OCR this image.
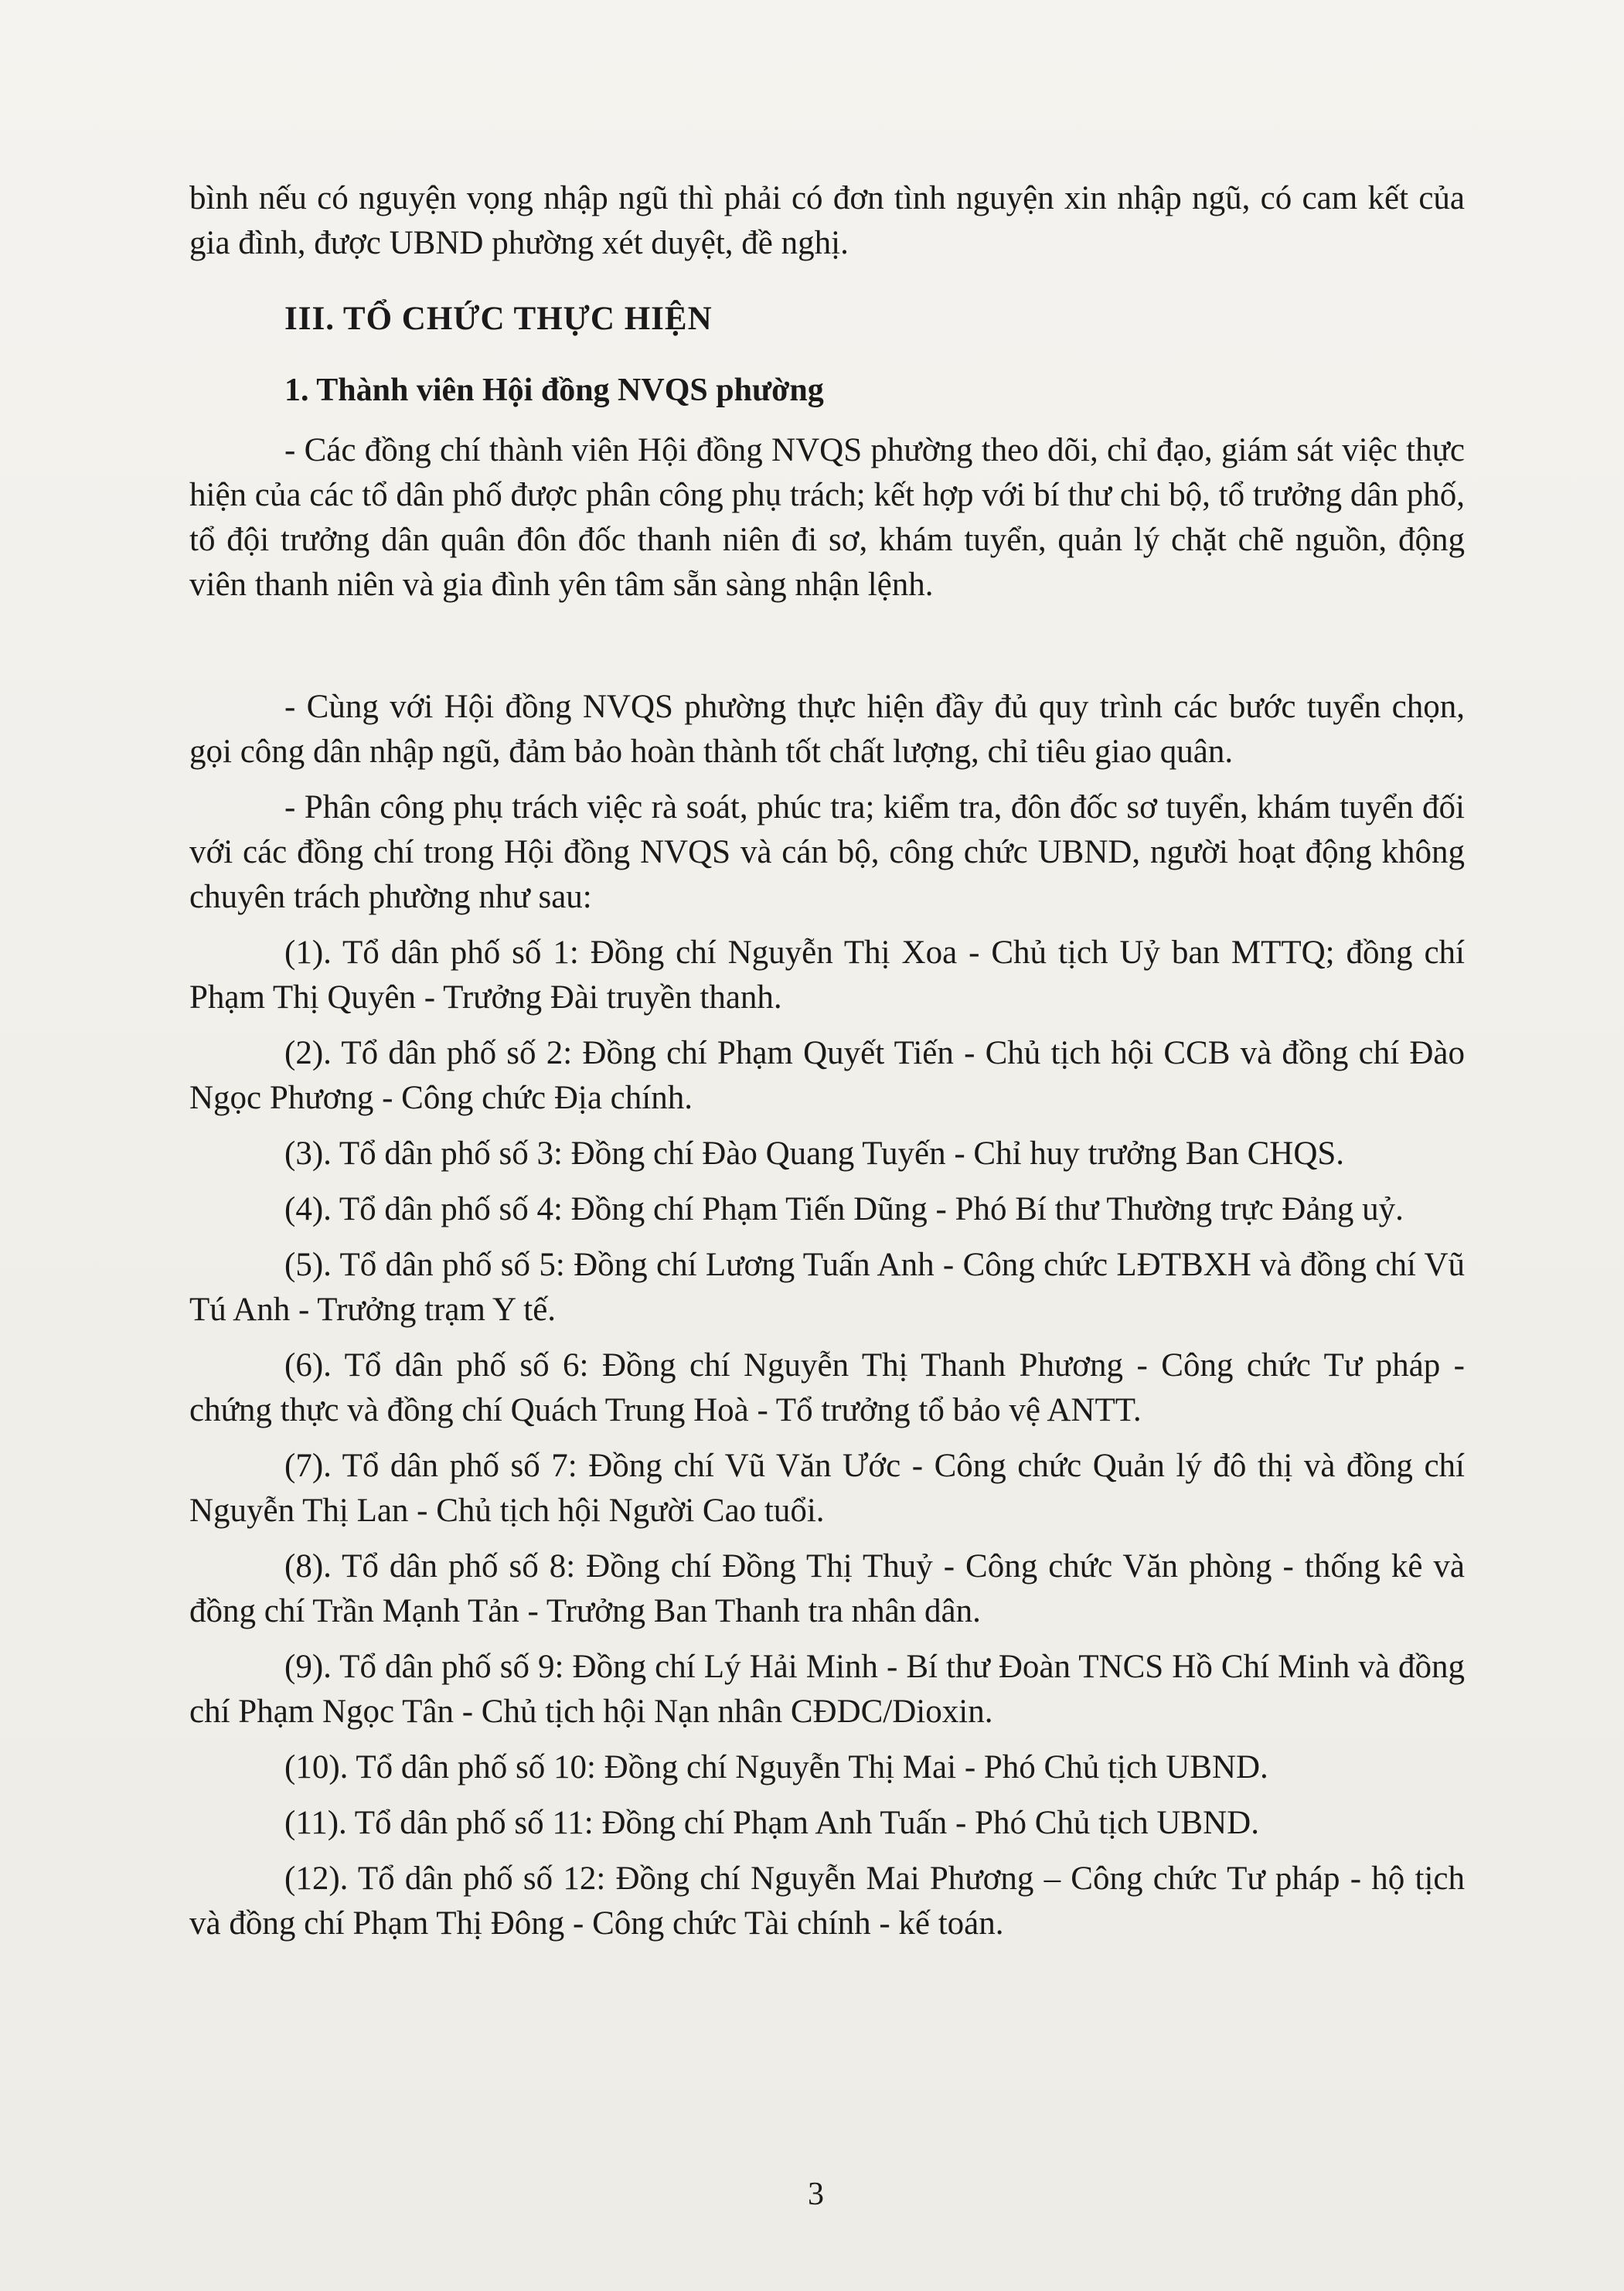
bình nếu có nguyện vọng nhập ngũ thì phải có đơn tình nguyện xin nhập ngũ, có cam kết của gia đình, được UBND phường xét duyệt, đề nghị.

III. TỔ CHỨC THỰC HIỆN

1. Thành viên Hội đồng NVQS phường

- Các đồng chí thành viên Hội đồng NVQS phường theo dõi, chỉ đạo, giám sát việc thực hiện của các tổ dân phố được phân công phụ trách; kết hợp với bí thư chi bộ, tổ trưởng dân phố, tổ đội trưởng dân quân đôn đốc thanh niên đi sơ, khám tuyển, quản lý chặt chẽ nguồn, động viên thanh niên và gia đình yên tâm sẵn sàng nhận lệnh.

- Cùng với Hội đồng NVQS phường thực hiện đầy đủ quy trình các bước tuyển chọn, gọi công dân nhập ngũ, đảm bảo hoàn thành tốt chất lượng, chỉ tiêu giao quân.

- Phân công phụ trách việc rà soát, phúc tra; kiểm tra, đôn đốc sơ tuyển, khám tuyển đối với các đồng chí trong Hội đồng NVQS và cán bộ, công chức UBND, người hoạt động không chuyên trách phường như sau:

(1). Tổ dân phố số 1: Đồng chí Nguyễn Thị Xoa - Chủ tịch Uỷ ban MTTQ; đồng chí Phạm Thị Quyên - Trưởng Đài truyền thanh.

(2). Tổ dân phố số 2: Đồng chí Phạm Quyết Tiến - Chủ tịch hội CCB và đồng chí Đào Ngọc Phương - Công chức Địa chính.

(3). Tổ dân phố số 3: Đồng chí Đào Quang Tuyến - Chỉ huy trưởng Ban CHQS.

(4). Tổ dân phố số 4: Đồng chí Phạm Tiến Dũng - Phó Bí thư Thường trực Đảng uỷ.

(5). Tổ dân phố số 5: Đồng chí Lương Tuấn Anh - Công chức LĐTBXH và đồng chí Vũ Tú Anh - Trưởng trạm Y tế.

(6). Tổ dân phố số 6: Đồng chí Nguyễn Thị Thanh Phương - Công chức Tư pháp - chứng thực và đồng chí Quách Trung Hoà - Tổ trưởng tổ bảo vệ ANTT.

(7). Tổ dân phố số 7: Đồng chí Vũ Văn Ước - Công chức Quản lý đô thị và đồng chí Nguyễn Thị Lan - Chủ tịch hội Người Cao tuổi.

(8). Tổ dân phố số 8: Đồng chí Đồng Thị Thuỷ - Công chức Văn phòng - thống kê và đồng chí Trần Mạnh Tản - Trưởng Ban Thanh tra nhân dân.

(9). Tổ dân phố số 9: Đồng chí Lý Hải Minh - Bí thư Đoàn TNCS Hồ Chí Minh và đồng chí Phạm Ngọc Tân - Chủ tịch hội Nạn nhân CĐDC/Dioxin.

(10). Tổ dân phố số 10: Đồng chí Nguyễn Thị Mai - Phó Chủ tịch UBND.

(11). Tổ dân phố số 11: Đồng chí Phạm Anh Tuấn - Phó Chủ tịch UBND.

(12). Tổ dân phố số 12: Đồng chí Nguyễn Mai Phương – Công chức Tư pháp - hộ tịch và đồng chí Phạm Thị Đông - Công chức Tài chính - kế toán.

3
